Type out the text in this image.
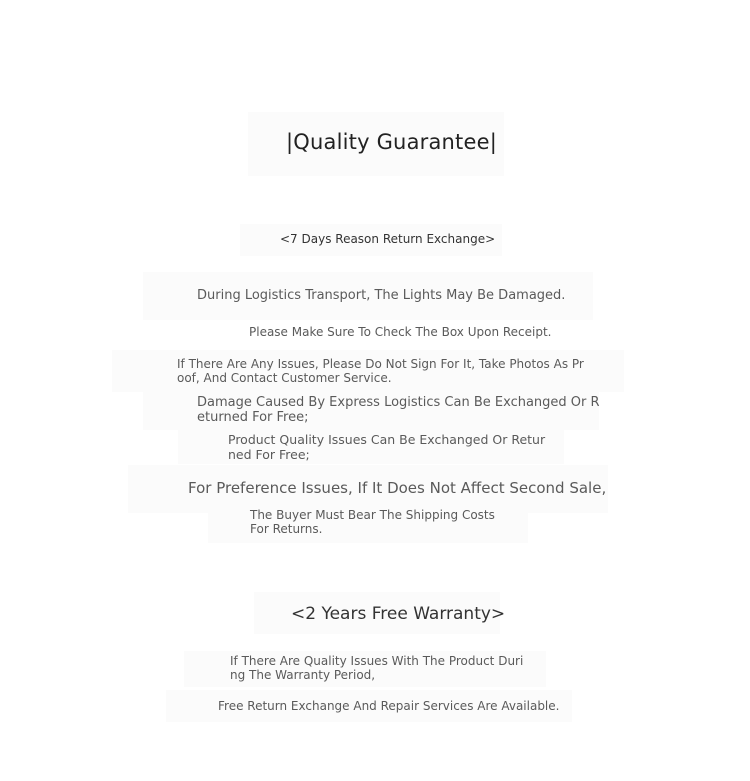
|Quality Guarantee|
<7 Days Reason Return Exchange>
During Logistics Transport, The Lights May Be Damaged.
Please Make Sure To Check The Box Upon Receipt.
If There Are Any Issues, Please Do Not Sign For It, Take Photos As Pr
oof, And Contact Customer Service.
Damage Caused By Express Logistics Can Be Exchanged Or R
eturned For Free;
Product Quality Issues Can Be Exchanged Or Retur
ned For Free;
For Preference Issues, If It Does Not Affect Second Sale,
The Buyer Must Bear The Shipping Costs
For Returns.
<2 Years Free Warranty>
If There Are Quality Issues With The Product Duri
ng The Warranty Period,
Free Return Exchange And Repair Services Are Available.
